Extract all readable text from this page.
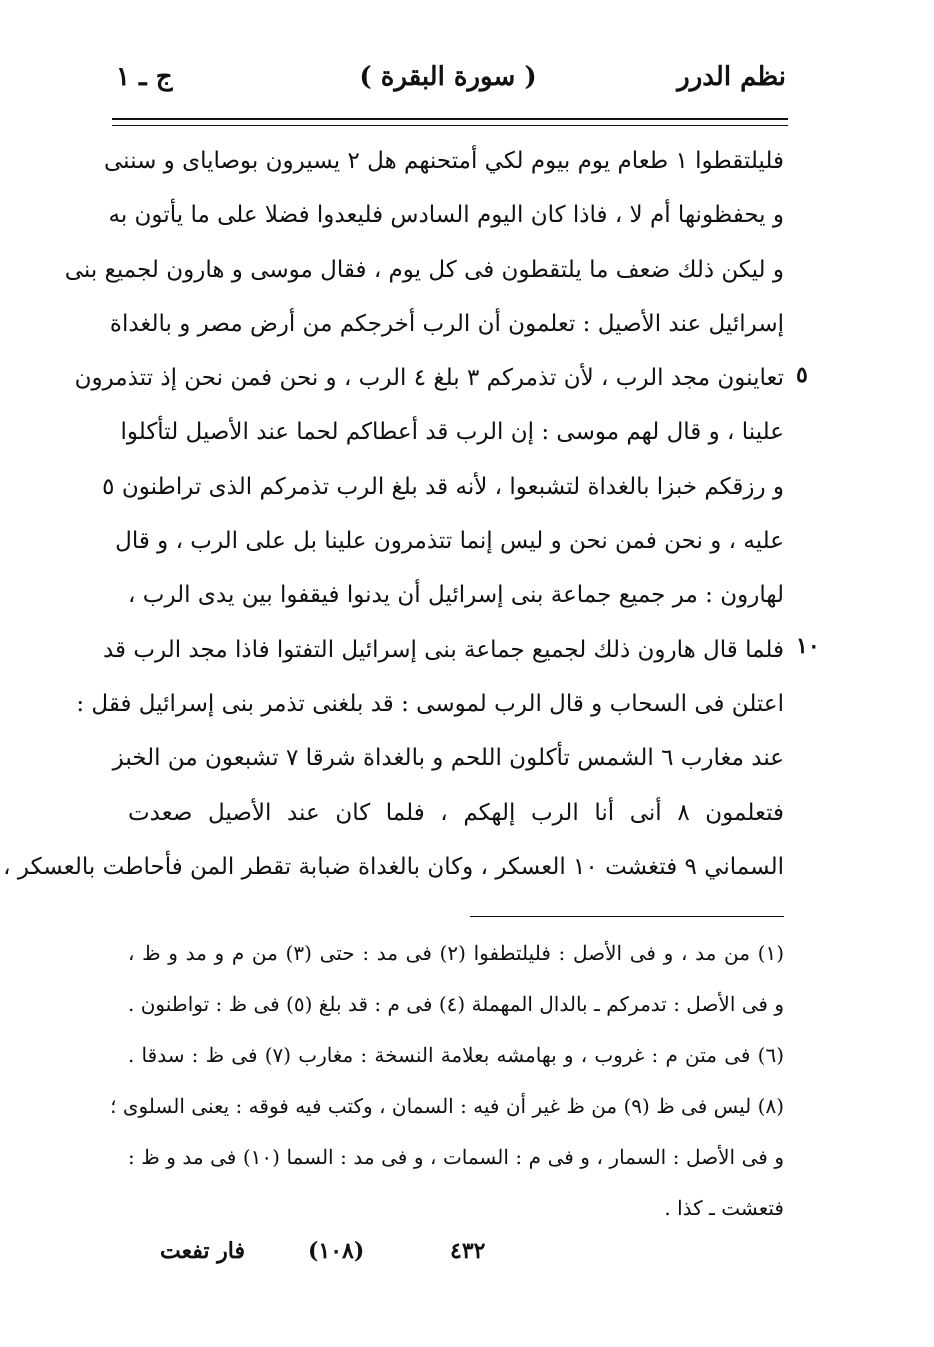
نظم الدرر
( سورة البقرة )
ج ـ ١
فليلتقطوا ١ طعام يوم بيوم لكي أمتحنهم هل ٢ يسيرون بوصاياى و سننى
و يحفظونها أم لا ، فاذا كان اليوم السادس فليعدوا فضلا على ما يأتون به
و ليكن ذلك ضعف ما يلتقطون فى كل يوم ، فقال موسى و هارون لجميع بنى
إسرائيل عند الأصيل : تعلمون أن الرب أخرجكم من أرض مصر و بالغداة
تعاينون مجد الرب ، لأن تذمركم ٣ بلغ ٤ الرب ، و نحن فمن نحن إذ تتذمرون
علينا ، و قال لهم موسى : إن الرب قد أعطاكم لحما عند الأصيل لتأكلوا
و رزقكم خبزا بالغداة لتشبعوا ، لأنه قد بلغ الرب تذمركم الذى تراطنون ٥
عليه ، و نحن فمن نحن و ليس إنما تتذمرون علينا بل على الرب ، و قال
لهارون : مر جميع جماعة بنى إسرائيل أن يدنوا فيقفوا بين يدى الرب ،
فلما قال هارون ذلك لجميع جماعة بنى إسرائيل التفتوا فاذا مجد الرب قد
اعتلن فى السحاب و قال الرب لموسى : قد بلغنى تذمر بنى إسرائيل فقل :
عند مغارب ٦ الشمس تأكلون اللحم و بالغداة شرقا ٧ تشبعون من الخبز
فتعلمون ٨ أنى أنا الرب إلهكم ، فلما كان عند الأصيل صعدت
السماني ٩ فتغشت ١٠ العسكر ، وكان بالغداة ضبابة تقطر المن فأحاطت بالعسكر ،
٥
١٠
(١) من مد ، و فى الأصل : فليلتطفوا (٢) فى مد : حتى (٣) من م و مد و ظ ،
و فى الأصل : تدمركم ـ بالدال المهملة (٤) فى م : قد بلغ (٥) فى ظ : تواطنون .
(٦) فى متن م : غروب ، و بهامشه بعلامة النسخة : مغارب (٧) فى ظ : سدقا .
(٨) ليس فى ظ (٩) من ظ غير أن فيه : السمان ، وكتب فيه فوقه : يعنى السلوى ؛
و فى الأصل : السمار ، و فى م : السمات ، و فى مد : السما (١٠) فى مد و ظ :
فتعشت ـ كذا .
فار تفعت	(١٠٨)	٤٣٢
